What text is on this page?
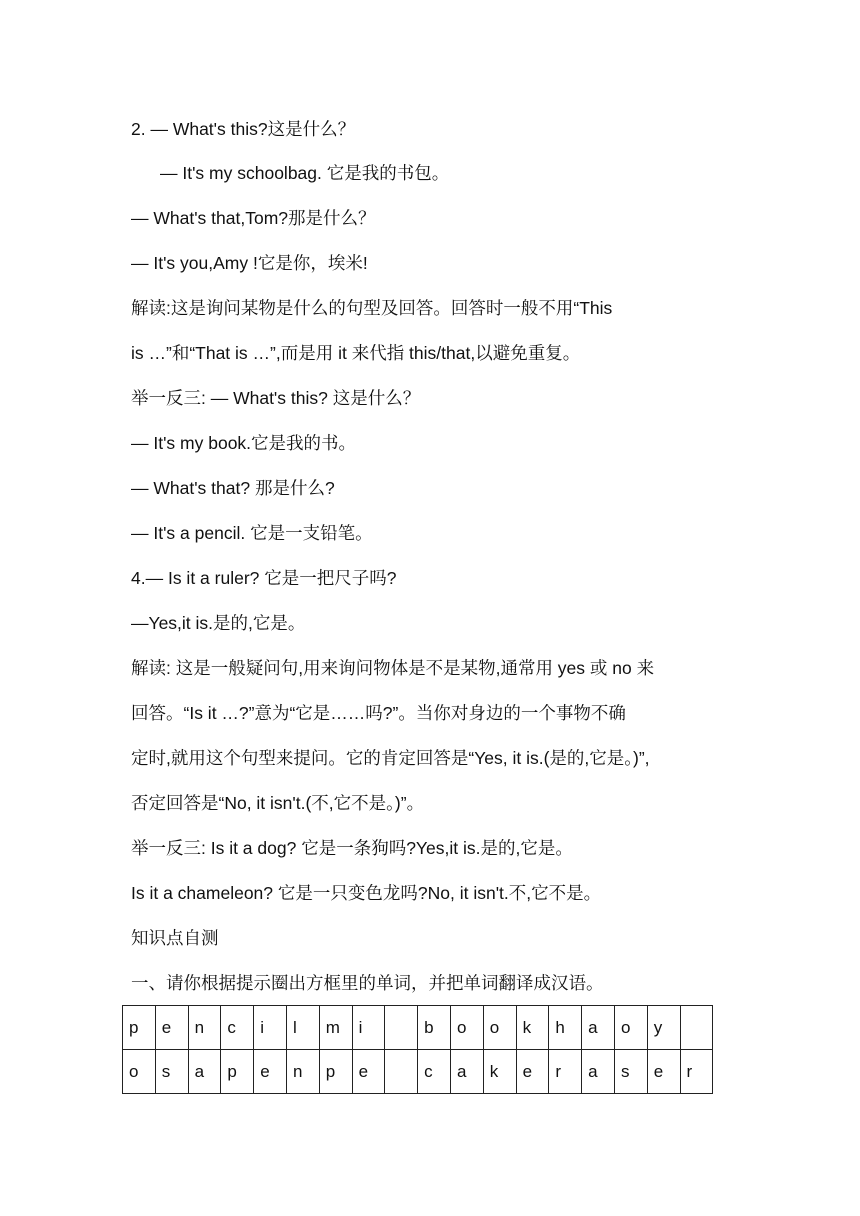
2. — What's this?这是什么？
— It's my schoolbag. 它是我的书包。
— What's that,Tom?那是什么？
— It's you,Amy !它是你，埃米!
解读:这是询问某物是什么的句型及回答。回答时一般不用“This
is …”和“That is …”,而是用 it 来代指 this/that,以避免重复。
举一反三: — What's this? 这是什么？
— It's my book.它是我的书。
— What's that? 那是什么?
— It's a pencil. 它是一支铅笔。
4.— Is it a ruler? 它是一把尺子吗?
—Yes,it is.是的,它是。
解读: 这是一般疑问句,用来询问物体是不是某物,通常用 yes 或 no 来
回答。“Is it …?”意为“它是……吗?”。当你对身边的一个事物不确
定时,就用这个句型来提问。它的肯定回答是“Yes, it is.(是的,它是。)”,
否定回答是“No, it isn't.(不,它不是。)”。
举一反三: Is it a dog? 它是一条狗吗?Yes,it is.是的,它是。
Is it a chameleon? 它是一只变色龙吗?No, it isn't.不,它不是。
知识点自测
一、请你根据提示圈出方框里的单词，并把单词翻译成汉语。
p	e	n	c	i	l	m	i		b	o	o	k	h	a	o	y	
o	s	a	p	e	n	p	e		c	a	k	e	r	a	s	e	r
